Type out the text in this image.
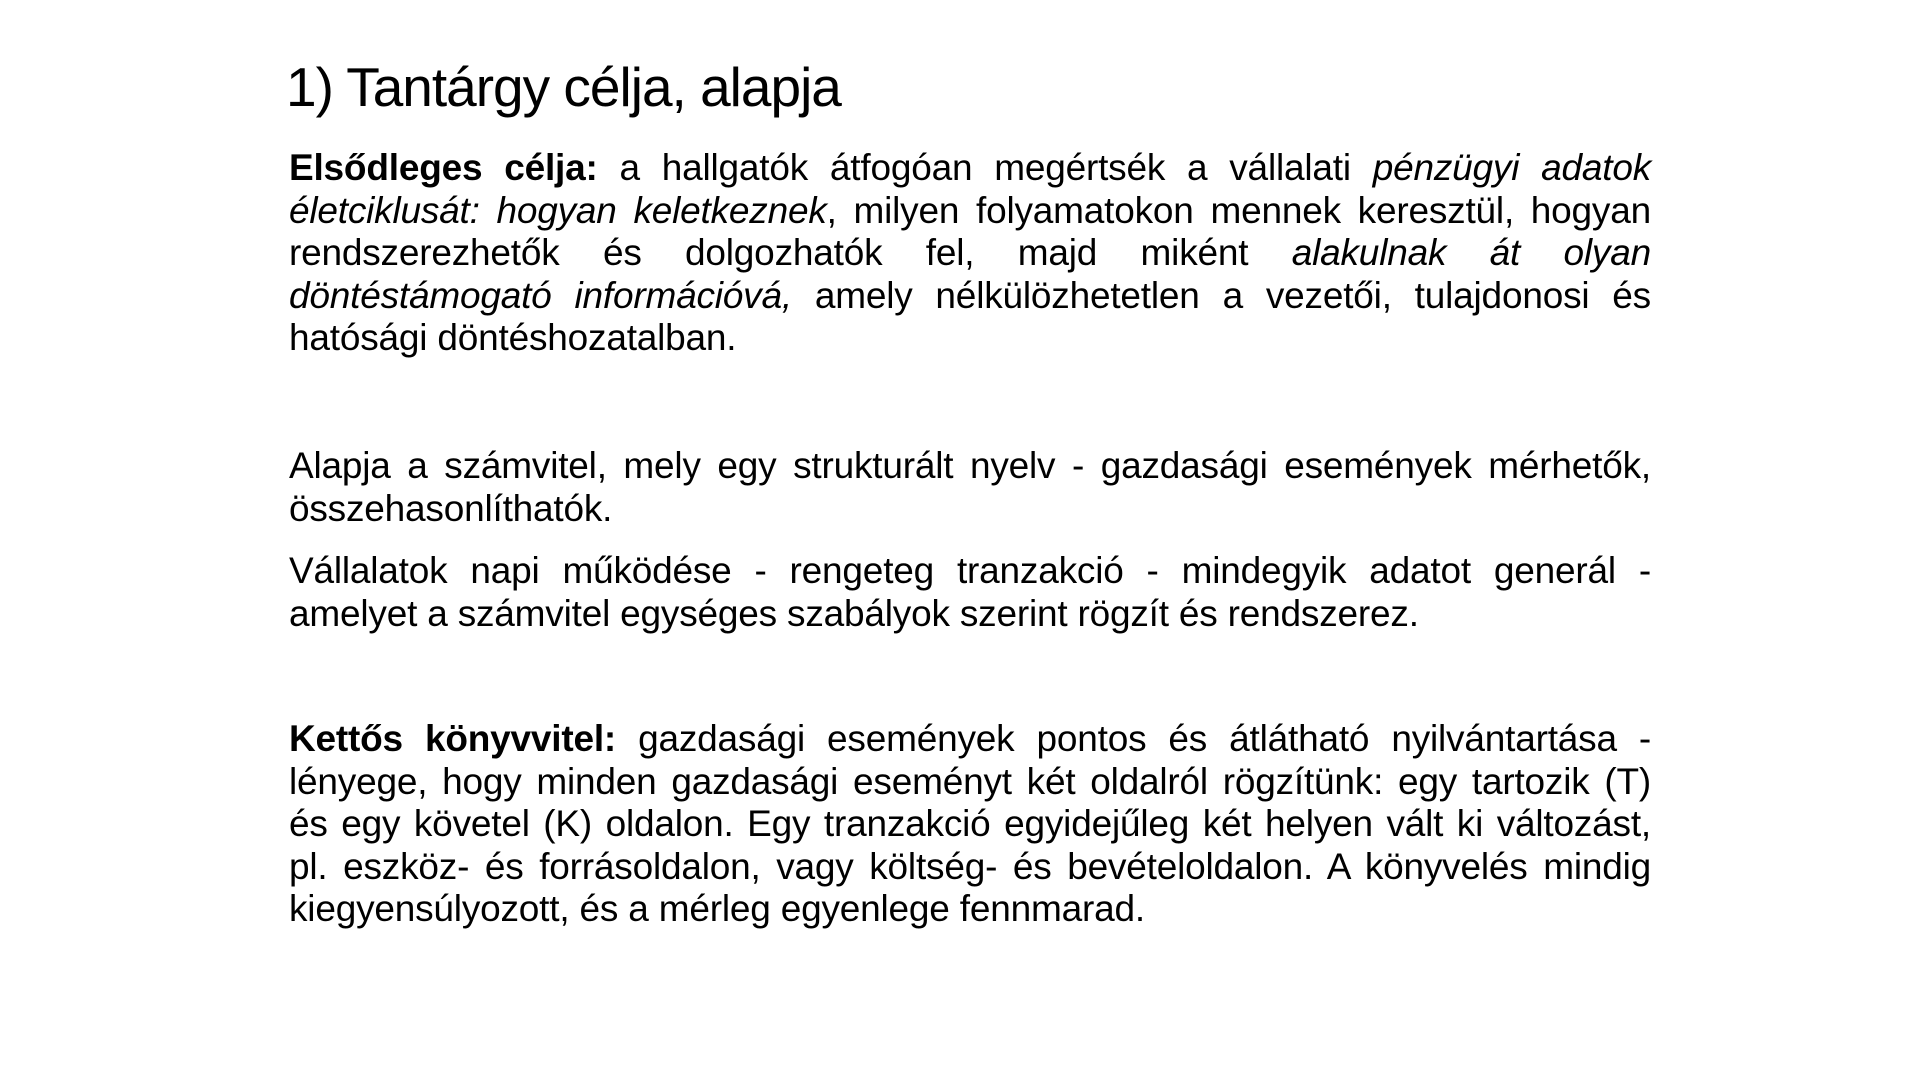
1) Tantárgy célja, alapja

Elsődleges célja: a hallgatók átfogóan megértsék a vállalati pénzügyi adatok életciklusát: hogyan keletkeznek, milyen folyamatokon mennek keresztül, hogyan rendszerezhetők és dolgozhatók fel, majd miként alakulnak át olyan döntéstámogató információvá, amely nélkülözhetetlen a vezetői, tulajdonosi és hatósági döntéshozatalban.

Alapja a számvitel, mely egy strukturált nyelv - gazdasági események mérhetők, összehasonlíthatók.

Vállalatok napi működése - rengeteg tranzakció - mindegyik adatot generál - amelyet a számvitel egységes szabályok szerint rögzít és rendszerez.

Kettős könyvvitel: gazdasági események pontos és átlátható nyilvántartása - lényege, hogy minden gazdasági eseményt két oldalról rögzítünk: egy tartozik (T) és egy követel (K) oldalon. Egy tranzakció egyidejűleg két helyen vált ki változást, pl. eszköz- és forrásoldalon, vagy költség- és bevételoldalon. A könyvelés mindig kiegyensúlyozott, és a mérleg egyenlege fennmarad.
